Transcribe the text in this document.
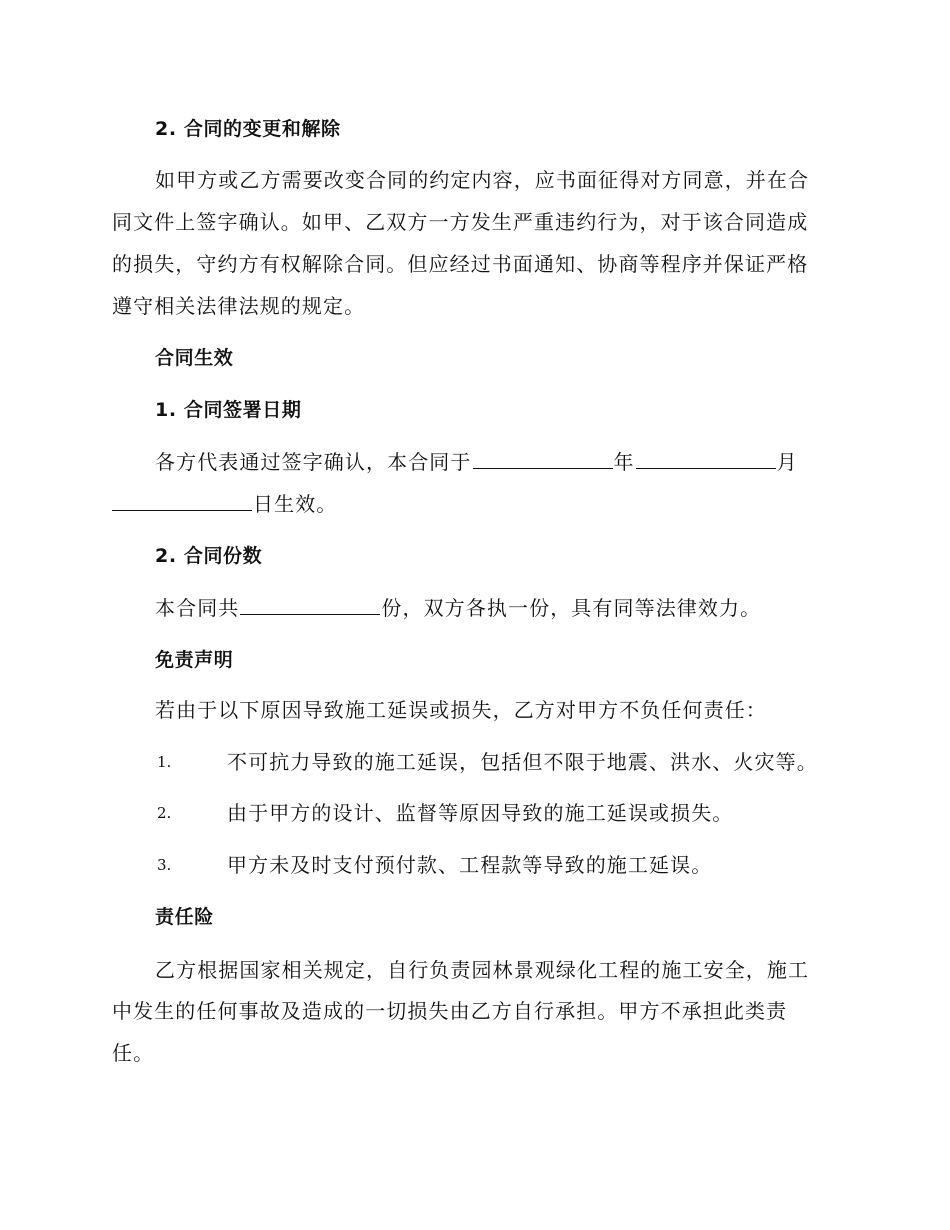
2. 合同的变更和解除
如甲方或乙方需要改变合同的约定内容，应书面征得对方同意，并在合
同文件上签字确认。如甲、乙双方一方发生严重违约行为，对于该合同造成
的损失，守约方有权解除合同。但应经过书面通知、协商等程序并保证严格
遵守相关法律法规的规定。
合同生效
1. 合同签署日期
各方代表通过签字确认，本合同于	年	月
日生效。
2. 合同份数
本合同共	份，双方各执一份，具有同等法律效力。
免责声明
若由于以下原因导致施工延误或损失，乙方对甲方不负任何责任：
1.	不可抗力导致的施工延误，包括但不限于地震、洪水、火灾等。
2.	由于甲方的设计、监督等原因导致的施工延误或损失。
3.	甲方未及时支付预付款、工程款等导致的施工延误。
责任险
乙方根据国家相关规定，自行负责园林景观绿化工程的施工安全，施工
中发生的任何事故及造成的一切损失由乙方自行承担。甲方不承担此类责
任。
